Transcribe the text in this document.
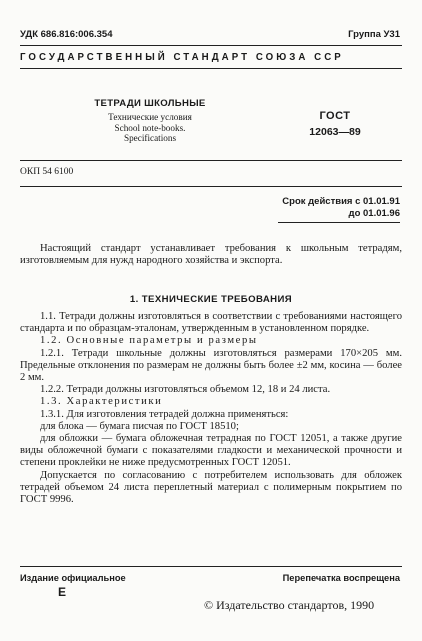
УДК 686.816:006.354	Группа У31
ГОСУДАРСТВЕННЫЙ СТАНДАРТ СОЮЗА ССР
ТЕТРАДИ ШКОЛЬНЫЕ
Технические условия
School note-books.
Specifications
ГОСТ
12063—89
ОКП 54 6100
Срок действия с 01.01.91
до 01.01.96
Настоящий стандарт устанавливает требования к школьным тетрадям, изготовляемым для нужд народного хозяйства и экспорта.
1. ТЕХНИЧЕСКИЕ ТРЕБОВАНИЯ

1.1. Тетради должны изготовляться в соответствии с требованиями настоящего стандарта и по образцам-эталонам, утвержденным в установленном порядке.

1.2. Основные параметры и размеры

1.2.1. Тетради школьные должны изготовляться размерами 170×205 мм. Предельные отклонения по размерам не должны быть более ±2 мм, косина — более 2 мм.

1.2.2. Тетради должны изготовляться объемом 12, 18 и 24 листа.

1.3. Характеристики

1.3.1. Для изготовления тетрадей должна применяться:

для блока — бумага писчая по ГОСТ 18510;

для обложки — бумага обложечная тетрадная по ГОСТ 12051, а также другие виды обложечной бумаги с показателями гладкости и механической прочности и степени проклейки не ниже предусмотренных ГОСТ 12051.

Допускается по согласованию с потребителем использовать для обложек тетрадей объемом 24 листа переплетный материал с полимерным покрытием по ГОСТ 9996.

Издание официальное	Перепечатка воспрещена
Е
© Издательство стандартов, 1990
